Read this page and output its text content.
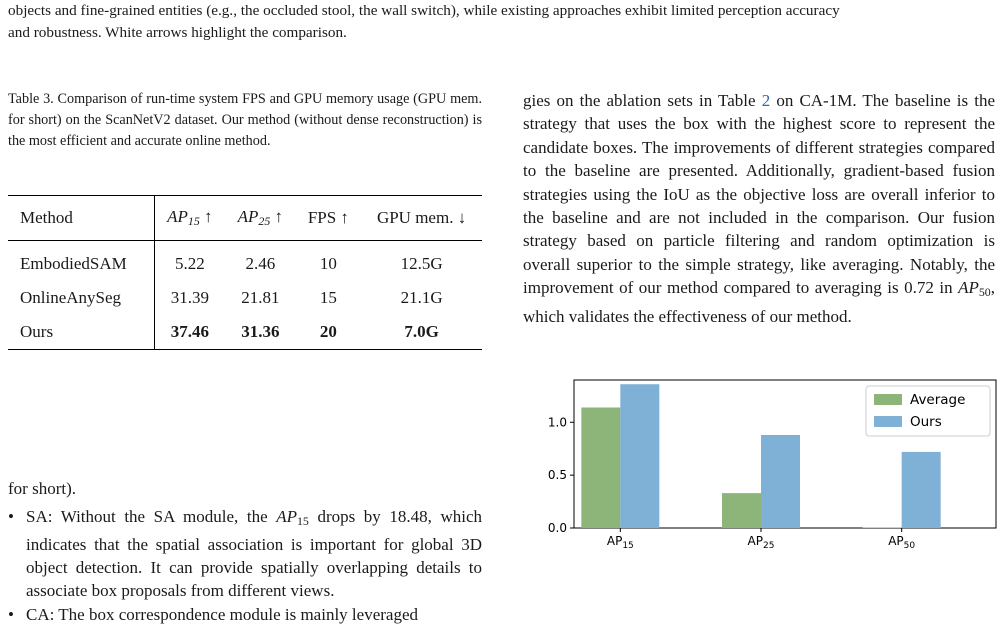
objects and fine-grained entities (e.g., the occluded stool, the wall switch), while existing approaches exhibit limited perception accuracy
and robustness. White arrows highlight the comparison.
Table 3. Comparison of run-time system FPS and GPU memory usage (GPU mem. for short) on the ScanNetV2 dataset. Our method (without dense reconstruction) is the most efficient and accurate online method.
Method	$AP_{15}$ ↑	$AP_{25}$ ↑	FPS ↑	GPU mem. ↓
EmbodiedSAM	5.22	2.46	10	12.5G
OnlineAnySeg	31.39	21.81	15	21.1G
Ours	37.46	31.36	20	7.0G
gies on the ablation sets in Table 2 on CA-1M. The baseline is the strategy that uses the box with the highest score to represent the candidate boxes. The improvements of different strategies compared to the baseline are presented. Additionally, gradient-based fusion strategies using the IoU as the objective loss are overall inferior to the baseline and are not included in the comparison. Our fusion strategy based on particle filtering and random optimization is overall superior to the simple strategy, like averaging. Notably, the improvement of our method compared to averaging is 0.72 in $AP_{50}$, which validates the effectiveness of our method.
for short).
• SA: Without the SA module, the $AP_{15}$ drops by 18.48, which indicates that the spatial association is important for global 3D object detection. It can provide spatially overlapping details to associate box proposals from different views.
• CA: The box correspondence module is mainly leveraged
0.0
0.5
1.0
$AP_{15}$	$AP_{25}$	$AP_{50}$
Average
Ours
